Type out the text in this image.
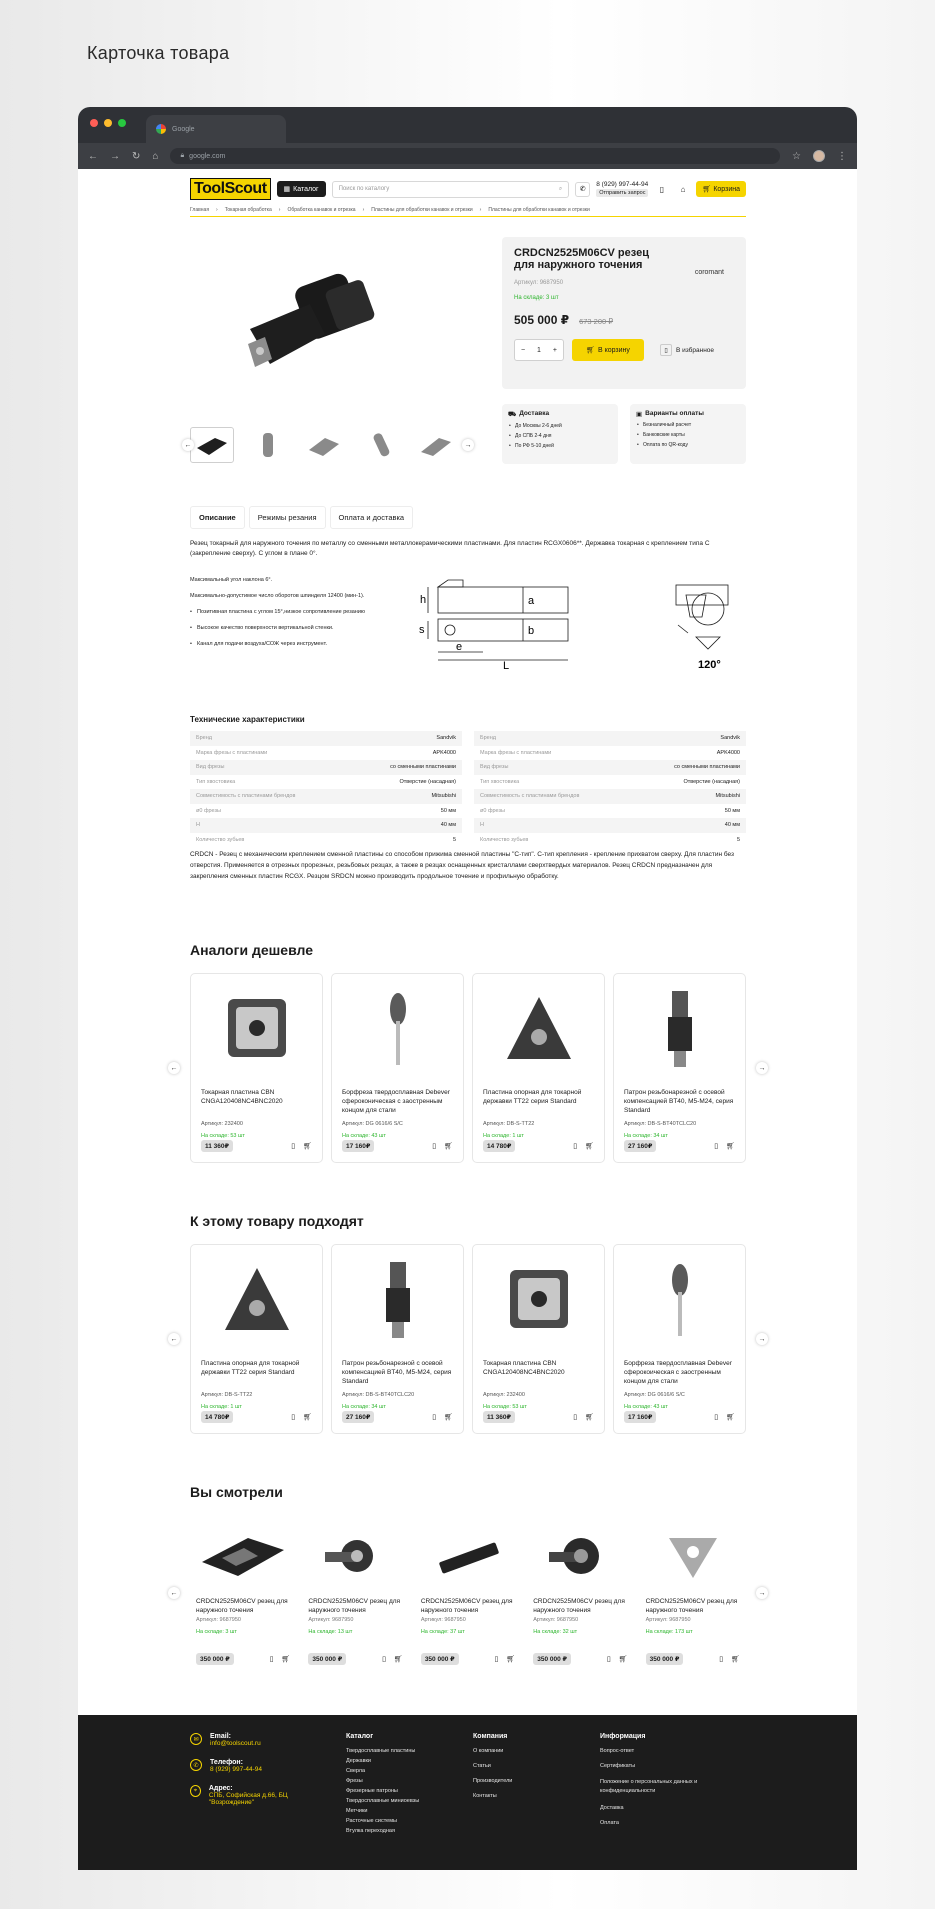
Карточка товара
Google
← → ↻ ⌂	🔒︎ google.com	☆	⋮
ToolScout	▦ Каталог	Поиск по каталогу	⌕	✆
8 (929) 997-44-94
Отправить запрос	▯	⌂	🛒︎ Корзина
Главная › Токарная обработка › Обработка канавок и отрезка › Пластины для обработки канавок и отрезки › Пластины для обработки канавок и отрезки
←	→
CRDCN2525M06CV резец для наружного точения
coromant
Артикул: 9687950
На складе: 3 шт
505 000 ₽ 673 200 ₽
− 1 +	🛒︎ В корзину	▯	В избранное
⛟ Доставка
• До Москвы 2-6 дней
• До СПБ 2-4 дня
• По РФ 5-10 дней
▣ Варианты оплаты
• Безналичный расчет
• Банковские карты
• Оплата по QR-коду
Описание	Режимы резания	Оплата и доставка
Резец токарный для наружного точения по металлу со сменными металлокерамическими пластинами. Для пластин RCGX0606**. Державка токарная с креплением типа C (закрепление сверху). С углом в плане 0°.

Максимальный угол наклона 6°.

Максимально-допустимое число оборотов шпинделя 12400 (мин-1).

• Позитивная пластина с углом 15°,низкое сопротивление резанию
• Высокое качество поверхности вертикальной стенки.
• Канал для подачи воздуха/СОЖ через инструмент.
h
s
a
b
e
L	120°
Технические характеристики
Бренд	Sandvik
Марка фрезы с пластинами	APK4000
Вид фрезы	со сменными пластинами
Тип хвостовика	Отверстие (насадная)
Совместимость с пластинами брендов	Mitsubishi
ø0 фрезы	50 мм
H	40 мм
Количество зубьев	5
Бренд	Sandvik
Марка фрезы с пластинами	APK4000
Вид фрезы	со сменными пластинами
Тип хвостовика	Отверстие (насадная)
Совместимость с пластинами брендов	Mitsubishi
ø0 фрезы	50 мм
H	40 мм
Количество зубьев	5
CRDCN - Резец с механическим креплением сменной пластины со способом прижима сменной пластины "С-тип". С-тип крепления - крепление прихватом сверху. Для пластин без отверстия. Применяется в отрезных прорезных, резьбовых резцах, а также в резцах оснащенных кристаллами сверхтвердых материалов. Резец CRDCN предназначен для закрепления сменных пластин RCGX. Резцом SRDCN можно производить продольное точение и профильную обработку.
Аналоги дешевле
Токарная пластина CBN CNGA120408NC4BNC2020
Артикул: 232400
На складе: 53 шт
11 360₽	▯ 🛒︎
Борфреза твердосплавная Debever сфероконическая с заостренным концом для стали
Артикул: DG 0616/6 S/C
На складе: 43 шт
17 160₽	▯ 🛒︎
Пластина опорная для токарной державки TT22 серия Standard
Артикул: DB-S-TT22
На складе: 1 шт
14 780₽	▯ 🛒︎
Патрон резьбонарезной с осевой компенсацией BT40, M5-M24, серия Standard
Артикул: DB-S-BT40TCLC20
На складе: 34 шт
27 160₽	▯ 🛒︎
←	→
К этому товару подходят
Пластина опорная для токарной державки TT22 серия Standard
Артикул: DB-S-TT22
На складе: 1 шт
14 780₽	▯ 🛒︎
Патрон резьбонарезной с осевой компенсацией BT40, M5-M24, серия Standard
Артикул: DB-S-BT40TCLC20
На складе: 34 шт
27 160₽	▯ 🛒︎
Токарная пластина CBN CNGA120408NC4BNC2020
Артикул: 232400
На складе: 53 шт
11 360₽	▯ 🛒︎
Борфреза твердосплавная Debever сферокоическая с заостренным концом для стали
Артикул: DG 0616/6 S/C
На складе: 43 шт
17 160₽	▯ 🛒︎
←	→
Вы смотрели
CRDCN2525M06CV резец для наружного точения
Артикул: 9687950
На складе: 3 шт
350 000 ₽	▯ 🛒︎
CRDCN2525M06CV резец для наружного точения
Артикул: 9687950
На складе: 13 шт
350 000 ₽	▯ 🛒︎
CRDCN2525M06CV резец для наружного точения
Артикул: 9687950
На складе: 37 шт
350 000 ₽	▯ 🛒︎
CRDCN2525M06CV резец для наружного точения
Артикул: 9687950
На складе: 32 шт
350 000 ₽	▯ 🛒︎
CRDCN2525M06CV резец для наружного точения
Артикул: 9687950
На складе: 173 шт
350 000 ₽	▯ 🛒︎
←	→
✉	Email:
info@toolscout.ru
✆	Телефон:
8 (929) 997-44-94
⌖	Адрес:
СПБ, Софийская д.66, БЦ "Возрождение"
Каталог
Твердосплавные пластины
Державки
Сверла
Фрезы
Фрезерные патроны
Твердосплавные миниоевзы
Метчики
Расточные системы
Втулка переходная
Компания
О компании
Статьи
Производители
Контакты
Информация
Вопрос-ответ
Сертификаты
Положение о персональных данных и конфиденциальности
Доставка
Оплата
